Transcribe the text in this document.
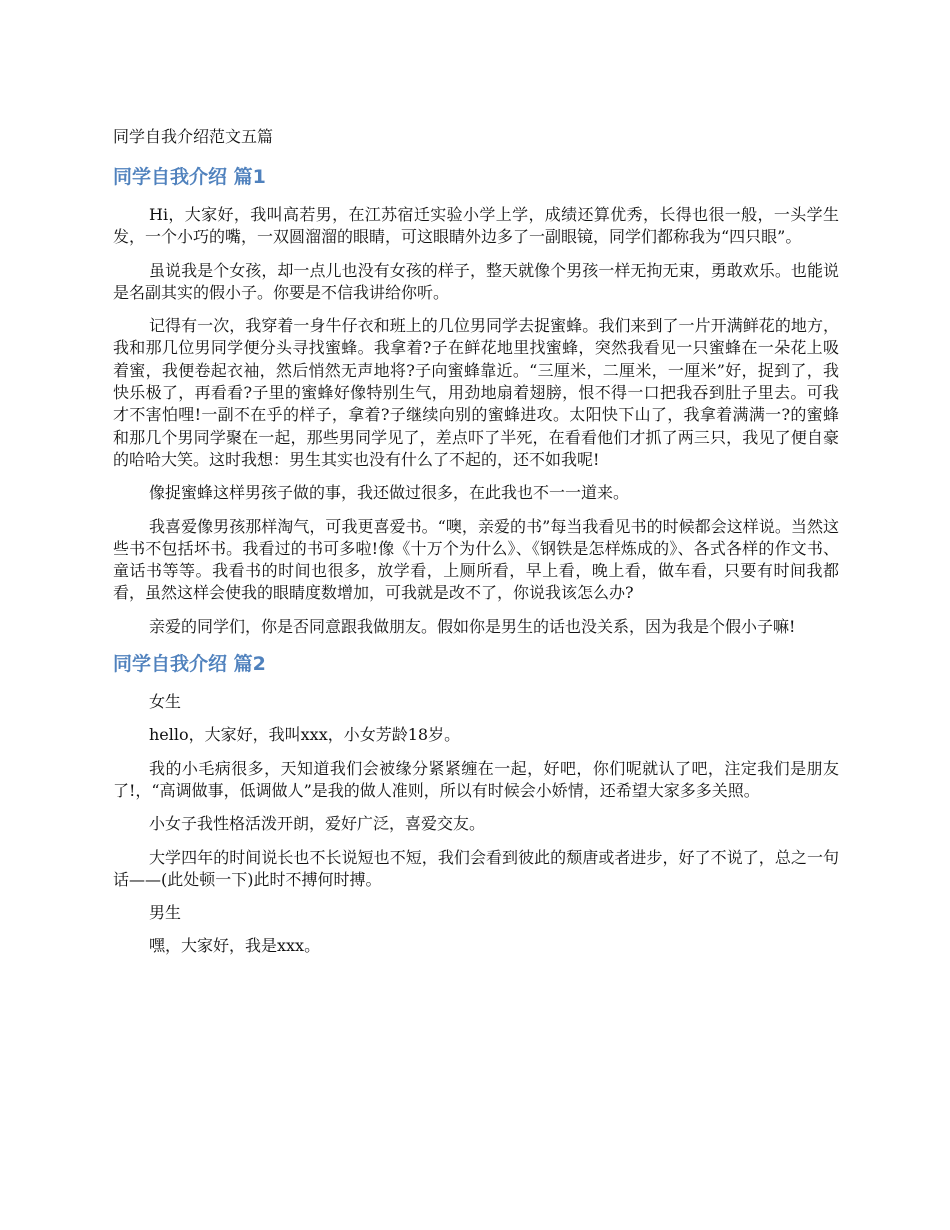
同学自我介绍范文五篇
同学自我介绍 篇1

Hi，大家好，我叫高若男，在江苏宿迁实验小学上学，成绩还算优秀，长得也很一般，一头学生发，一个小巧的嘴，一双圆溜溜的眼睛，可这眼睛外边多了一副眼镜，同学们都称我为“四只眼”。

虽说我是个女孩，却一点儿也没有女孩的样子，整天就像个男孩一样无拘无束，勇敢欢乐。也能说是名副其实的假小子。你要是不信我讲给你听。

记得有一次，我穿着一身牛仔衣和班上的几位男同学去捉蜜蜂。我们来到了一片开满鲜花的地方，我和那几位男同学便分头寻找蜜蜂。我拿着?子在鲜花地里找蜜蜂，突然我看见一只蜜蜂在一朵花上吸着蜜，我便卷起衣袖，然后悄然无声地将?子向蜜蜂靠近。“三厘米，二厘米，一厘米”好，捉到了，我快乐极了，再看看?子里的蜜蜂好像特别生气，用劲地扇着翅膀，恨不得一口把我吞到肚子里去。可我才不害怕哩!一副不在乎的样子，拿着?子继续向别的蜜蜂进攻。太阳快下山了，我拿着满满一?的蜜蜂和那几个男同学聚在一起，那些男同学见了，差点吓了半死，在看看他们才抓了两三只，我见了便自豪的哈哈大笑。这时我想：男生其实也没有什么了不起的，还不如我呢!

像捉蜜蜂这样男孩子做的事，我还做过很多，在此我也不一一道来。

我喜爱像男孩那样淘气，可我更喜爱书。“噢，亲爱的书”每当我看见书的时候都会这样说。当然这些书不包括坏书。我看过的书可多啦!像《十万个为什么》、《钢铁是怎样炼成的》、各式各样的作文书、童话书等等。我看书的时间也很多，放学看，上厕所看，早上看，晚上看，做车看，只要有时间我都看，虽然这样会使我的眼睛度数增加，可我就是改不了，你说我该怎么办?

亲爱的同学们，你是否同意跟我做朋友。假如你是男生的话也没关系，因为我是个假小子嘛!

同学自我介绍 篇2

女生

hello，大家好，我叫xxx，小女芳龄18岁。

我的小毛病很多，天知道我们会被缘分紧紧缠在一起，好吧，你们呢就认了吧，注定我们是朋友了!，“高调做事，低调做人”是我的做人准则，所以有时候会小娇情，还希望大家多多关照。

小女子我性格活泼开朗，爱好广泛，喜爱交友。

大学四年的时间说长也不长说短也不短，我们会看到彼此的颓唐或者进步，好了不说了，总之一句话——(此处顿一下)此时不搏何时搏。

男生

嘿，大家好，我是xxx。
